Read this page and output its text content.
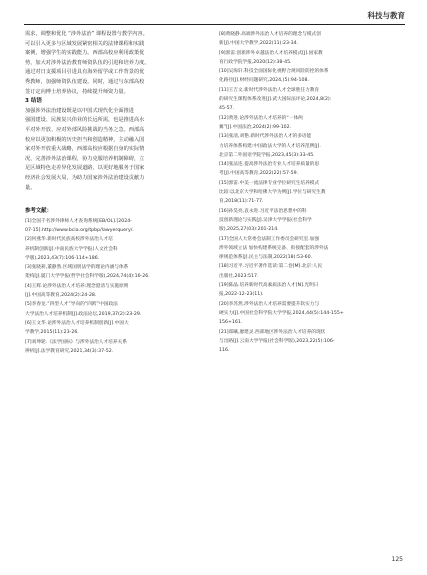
科技与教育
需求，调整和优化 “涉外法治” 课程设置与教学内容。
可以引入更多与区域发展紧密相关的法律课程和实践
案例，增强学生的实践能力。西部高校应利用政策优
势，加大对涉外法治教育师资队伍的引进和培养力度。
通过对日支援项目引进具有海外留学或工作背景的优
秀教师，加强师资队伍建设。同时，通过与东部高校
签订定向博士培养协议，持续提升师资力量。
3 结语
加强涉外法治建设既是以中国式现代化全面推进
强国建设、民族复兴伟业的长远所需，也是推进高水
平对外开放、应对外部风险挑战的当务之急。西部高
校应以更加积极的历史担当和创造精神，主动融入国
家对外开放重大战略，西部高校应根据自身的实际情
况，完善涉外法治课程，协力克服培养机制障碍，立
足区域特色走差异化发展道路，以更好地服务于国家
经济社会发展大局，为助力国家涉外法治建设贡献力
量。
参考文献：
[1]全国千名涉外律师人才查询系统[EB/OL].[2024-
07-15].http://www.bcia.org/tpbp/lawyerquery/.
[2]何燕华.新时代民族高校涉外法治人才培
养机制创新[J].中南民族大学学报(人文社会科
学版),2023,43(7):106-114+186.
[3]张晓莉,董静然.区域国别法学的理论内涵与体系
架构[J].厦门大学学报(哲学社会科学版),2024,74(4):16-26.
[4]王辉.论涉外法治人才培养:理念澄清与实施原则
[J].中国高等教育,2024(2):24-28.
[5]李春龙.“四型人才”导向的“四跨”中国政法
大学法治人才培养机制[J].政法论坛,2019,37(2):23-29.
[6]王文华.论涉外法治人才培养机制创新[J].中国大
学教学,2015(11):23-26.
[7]刘坤轮.《法学国标》与涉外法治人才培养关系
辨析[J].法学教育研究,2021,34(3):37-52.
[8]黄晓静.高端涉外法治人才培养的理念与模式创
新[J].中国大学教学,2022(11):23-34.
[9]郭雷.创新涉外卓越法治人才培养模式[J].国家教
育行政学院学报,2020(12):38-45.
[10]吴海轩.科技全面国际化视野合规风险防控的体系
化路径[J].财经问题研究,2024,(5):94-108.
[11]王吉文.新时代涉外法治人才全球胜任力教育
的研究生课程体系改进[J].武大国际法评论,2024,8(2):
45-57.
[12]黄进.论涉外法治人才培养的“一体两
翼”[J].中国法治,2024(2):99-102.
[13]张清,刘艳.新时代涉外法治人才的多语能
力培养体系构建:中国政法大学的人才培养范例[J].
北京第二外国语学院学报,2023,45(3):33-45.
[14]张法连.提高涉外法治专业人才培养质量的思
考[J].中国高等教育,2022(22):57-59.
[15]郭雷.中美一流法律专业学位研究生培养模式
比较:以北京大学和哈佛大学为例[J].学位与研究生教
育,2018(11):71-77.
[16]孙昊亮,袁永进.习近平法治思想中的科
技创新理论与实践[J].吴津大学学报(社会科学
版),2025,27(03):201-214.
[17]全国人大常委会法制工作委员会研究室.加强
涉外领域立法 加快构建系统完备、衔接配套的涉外法
律规范体系[J].民主与法制,2022(18):53-60.
[18]习近平.习近平著作选读:第二卷[M].北京:人民
出版社,2023:517.
[19]陈晶.培养新时代高素质法治人才[N].光明日
报,2022-12-23(11).
[20]李苏然.涉外法治人才培养需要提升软实力与
硬实力[J].中国社会科学院大学学报,2024,44(5):144-155+
156+161.
[21]郑曦,廖建灵.西部地区涉外法治人才培养的现状
与出路[J].云南大学学报(社会科学版),2023,22(5):106-
116.
125
